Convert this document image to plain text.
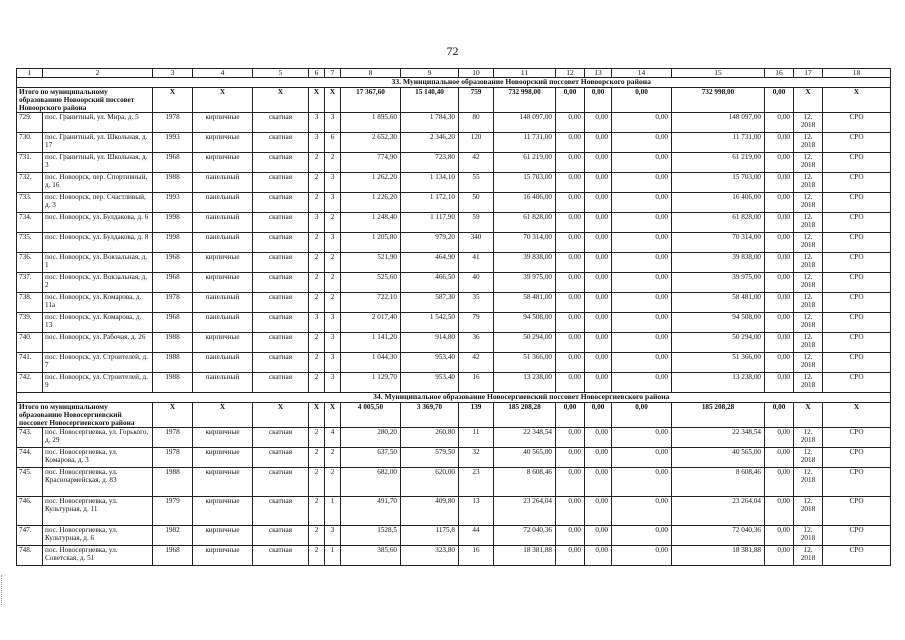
72
1	2	3	4	5	6	7	8	9	10	11	12	13	14	15	16	17	18
		33. Муниципальное образование Новоорский поссовет Новоорского района															
Итого по муниципальному образованию Новоорский поссовет Новоорского района		X	X	X	X	X	17 367,60	15 140,40	759	732 998,00	0,00	0,00	0,00	732 998,00	0,00	X	X
729.	пос. Гранитный, ул. Мира, д. 5	1978	кирпичные	скатная	3	3	1 895,60	1 784,30	80	148 097,00	0,00	0,00	0,00	148 097,00	0,00	12. 2018	СРО
730.	пос. Гранитный, ул. Школьная, д. 17	1993	кирпичные	скатная	3	6	2 652,30	2 346,20	120	11 731,00	0,00	0,00	0,00	11 731,00	0,00	12. 2018	СРО
731.	пос. Гранитный, ул. Школьная, д. 3	1968	кирпичные	скатная	2	2	774,90	723,80	42	61 219,00	0,00	0,00	0,00	61 219,00	0,00	12. 2018	СРО
732.	пос. Новоорск, пер. Спортивный, д. 16	1988	панельный	скатная	2	3	1 262,20	1 134,10	55	15 703,00	0,00	0,00	0,00	15 703,00	0,00	12. 2018	СРО
733.	пос. Новоорск, пер. Счастливый, д. 3	1993	панельный	скатная	2	3	1 226,20	1 172,10	50	16 406,00	0,00	0,00	0,00	16 406,00	0,00	12. 2018	СРО
734.	пос. Новоорск, ул. Булдакова, д. 6	1998	панельный	скатная	3	2	1 248,40	1 117,90	59	61 828,00	0,00	0,00	0,00	61 828,00	0,00	12. 2018	СРО
735.	пос. Новоорск, ул. Булдакова, д. 8	1998	панельный	скатная	2	3	1 205,80	979,20	340	70 314,00	0,00	0,00	0,00	70 314,00	0,00	12. 2018	СРО
736.	пос. Новоорск, ул. Вокзальная, д. 1	1968	кирпичные	скатная	2	2	521,90	464,90	41	39 838,00	0,00	0,00	0,00	39 838,00	0,00	12. 2018	СРО
737.	пос. Новоорск, ул. Вокзальная, д. 2	1968	кирпичные	скатная	2	2	525,60	466,50	40	39 975,00	0,00	0,00	0,00	39 975,00	0,00	12. 2018	СРО
738.	пос. Новоорск, ул. Комарова, д. 11а	1978	панельный	скатная	2	2	722,10	587,30	35	58 481,00	0,00	0,00	0,00	58 481,00	0,00	12. 2018	СРО
739.	пос. Новоорск, ул. Комарова, д. 13	1968	панельный	скатная	3	3	2 017,40	1 542,50	79	94 508,00	0,00	0,00	0,00	94 508,00	0,00	12. 2018	СРО
740.	пос. Новоорск, ул. Рабочая, д. 26	1988	кирпичные	скатная	2	3	1 141,20	914,80	36	50 294,00	0,00	0,00	0,00	50 294,00	0,00	12. 2018	СРО
741.	пос. Новоорск, ул. Строителей, д. 7	1988	панельный	скатная	2	3	1 044,30	953,40	42	51 366,00	0,00	0,00	0,00	51 366,00	0,00	12. 2018	СРО
742.	пос. Новоорск, ул. Строителей, д. 9	1988	панельный	скатная	2	3	1 129,70	953,40	16	13 238,00	0,00	0,00	0,00	13 238,00	0,00	12. 2018	СРО
		34. Муниципальное образование Новосергиевский поссовет Новосергиевского района															
Итого по муниципальному образованию Новосергиевский поссовет Новосергиевского района		X	X	X	X	X	4 005,50	3 369,70	139	185 208,28	0,00	0,00	0,00	185 208,28	0,00	X	X
743.	пос. Новосергиевка, ул. Горького, д. 29	1978	кирпичные	скатная	2	4	280,20	260,80	11	22 348,54	0,00	0,00	0,00	22 348,54	0,00	12. 2018	СРО
744.	пос. Новосергиевка, ул. Комарова, д. 3	1978	кирпичные	скатная	2	2	637,50	579,50	32	40 565,00	0,00	0,00	0,00	40 565,00	0,00	12. 2018	СРО
745.	пос. Новосергиевка, ул. Красноармейская, д. 83	1988	кирпичные	скатная	2	2	682,00	620,00	23	8 608,46	0,00	0,00	0,00	8 608,46	0,00	12. 2018	СРО
746.	пос. Новосергиевка, ул. Культурная, д. 11	1979	кирпичные	скатная	2	1	491,70	409,80	13	23 264,04	0,00	0,00	0,00	23 264,04	0,00	12. 2018	СРО
747.	пос. Новосергиевка, ул. Культурная, д. 6	1982	кирпичные	скатная	2	3	1528,5	1175,8	44	72 040,36	0,00	0,00	0,00	72 040,36	0,00	12. 2018	СРО
748.	пос. Новосергиевка, ул. Советская, д. 51	1968	кирпичные	скатная	2	1	385,60	323,80	16	18 381,88	0,00	0,00	0,00	18 381,88	0,00	12. 2018	СРО
